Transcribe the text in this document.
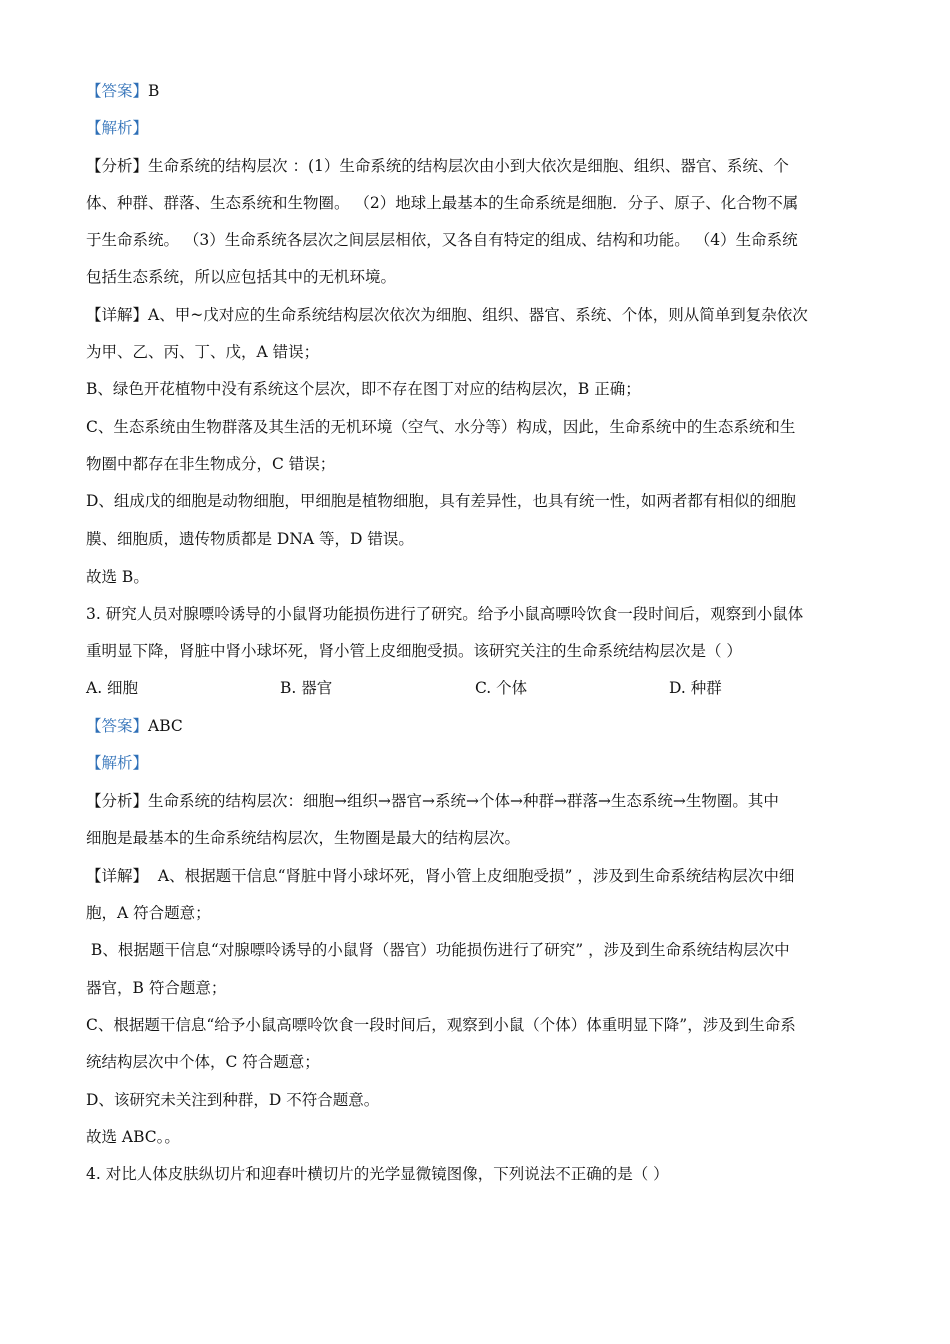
【答案】B
【解析】
【分析】生命系统的结构层次 ：(1）生命系统的结构层次由小到大依次是细胞、组织、器官、系统、个
体、种群、群落、生态系统和生物圈。 （2）地球上最基本的生命系统是细胞．分子、原子、化合物不属
于生命系统。 （3）生命系统各层次之间层层相依，又各自有特定的组成、结构和功能。 （4）生命系统
包括生态系统，所以应包括其中的无机环境。
【详解】A、甲~戊对应的生命系统结构层次依次为细胞、组织、器官、系统、个体，则从简单到复杂依次
为甲、乙、丙、丁、戊，A 错误；
B、绿色开花植物中没有系统这个层次，即不存在图丁对应的结构层次，B 正确；
C、生态系统由生物群落及其生活的无机环境（空气、水分等）构成，因此，生命系统中的生态系统和生
物圈中都存在非生物成分，C 错误；
D、组成戊的细胞是动物细胞，甲细胞是植物细胞，具有差异性，也具有统一性，如两者都有相似的细胞
膜、细胞质，遗传物质都是 DNA 等，D 错误。
故选 B。
3. 研究人员对腺嘌呤诱导的小鼠肾功能损伤进行了研究。给予小鼠高嘌呤饮食一段时间后，观察到小鼠体
重明显下降，肾脏中肾小球坏死，肾小管上皮细胞受损。该研究关注的生命系统结构层次是（ ）
A. 细胞	B. 器官	C. 个体	D. 种群
【答案】ABC
【解析】
【分析】生命系统的结构层次：细胞→组织→器官→系统→个体→种群→群落→生态系统→生物圈。其中
细胞是最基本的生命系统结构层次，生物圈是最大的结构层次。
【详解】  A、根据题干信息“肾脏中肾小球坏死，肾小管上皮细胞受损” ，涉及到生命系统结构层次中细
胞，A 符合题意；
B、根据题干信息“对腺嘌呤诱导的小鼠肾（器官）功能损伤进行了研究” ，涉及到生命系统结构层次中
器官，B 符合题意；
C、根据题干信息“给予小鼠高嘌呤饮食一段时间后，观察到小鼠（个体）体重明显下降”，涉及到生命系
统结构层次中个体，C 符合题意；
D、该研究未关注到种群，D 不符合题意。
故选 ABC。。
4. 对比人体皮肤纵切片和迎春叶横切片的光学显微镜图像，下列说法不正确的是（ ）
